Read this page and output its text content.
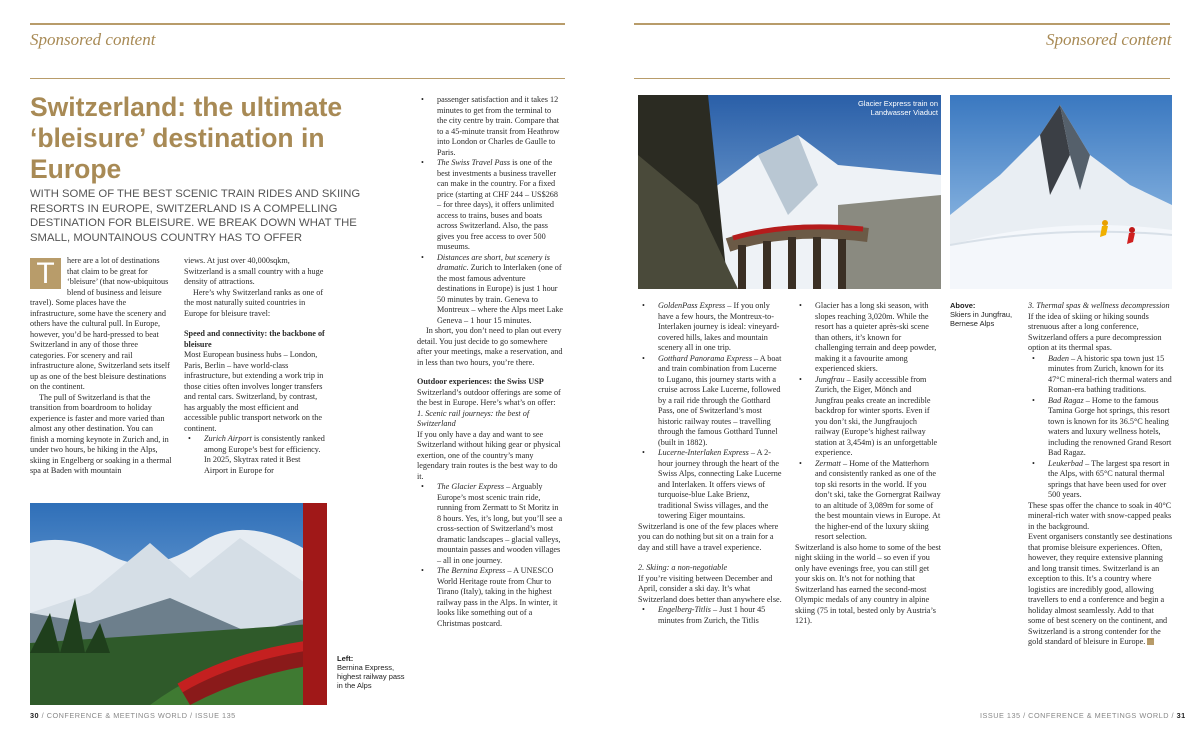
Sponsored content	Sponsored content
Switzerland: the ultimate ‘bleisure’ destination in Europe
WITH SOME OF THE BEST SCENIC TRAIN RIDES AND SKIING RESORTS IN EUROPE, SWITZERLAND IS A COMPELLING DESTINATION FOR BLEISURE. WE BREAK DOWN WHAT THE SMALL, MOUNTAINOUS COUNTRY HAS TO OFFER

T	here are a lot of destinations that claim to be great for ‘bleisure’ (that now-ubiquitous blend of business and leisure travel). Some places have the infrastructure, some have the scenery and others have the cultural pull. In Europe, however, you’d be hard-pressed to beat Switzerland in any of those three categories. For scenery and rail infrastructure alone, Switzerland sets itself up as one of the best bleisure destinations on the continent.

The pull of Switzerland is that the transition from boardroom to holiday experience is faster and more varied than almost any other destination. You can finish a morning keynote in Zurich and, in under two hours, be hiking in the Alps, skiing in Engelberg or soaking in a thermal spa at Baden with mountain

views. At just over 40,000sqkm, Switzerland is a small country with a huge density of attractions.

Here’s why Switzerland ranks as one of the most naturally suited countries in Europe for bleisure travel:

Speed and connectivity: the backbone of bleisure

Most European business hubs – London, Paris, Berlin – have world-class infrastructure, but extending a work trip in those cities often involves longer transfers and rental cars. Switzerland, by contrast, has arguably the most efficient and accessible public transport network on the continent.

• Zurich Airport is consistently ranked among Europe’s best for efficiency. In 2025, Skytrax rated it Best Airport in Europe for

• passenger satisfaction and it takes 12 minutes to get from the terminal to the city centre by train. Compare that to a 45-minute transit from Heathrow into London or Charles de Gaulle to Paris.

• The Swiss Travel Pass is one of the best investments a business traveller can make in the country. For a fixed price (starting at CHF 244 – US$268 – for three days), it offers unlimited access to trains, buses and boats across Switzerland. Also, the pass gives you free access to over 500 museums.

• Distances are short, but scenery is dramatic. Zurich to Interlaken (one of the most famous adventure destinations in Europe) is just 1 hour 50 minutes by train. Geneva to Montreux – where the Alps meet Lake Geneva – 1 hour 15 minutes.

In short, you don’t need to plan out every detail. You just decide to go somewhere after your meetings, make a reservation, and in less than two hours, you’re there.

Outdoor experiences: the Swiss USP

Switzerland’s outdoor offerings are some of the best in Europe. Here’s what’s on offer:

1. Scenic rail journeys: the best of Switzerland

If you only have a day and want to see Switzerland without hiking gear or physical exertion, one of the country’s many legendary train routes is the best way to do it.

• The Glacier Express – Arguably Europe’s most scenic train ride, running from Zermatt to St Moritz in 8 hours. Yes, it’s long, but you’ll see a cross-section of Switzerland’s most dramatic landscapes – glacial valleys, mountain passes and wooden villages – all in one journey.

• The Bernina Express – A UNESCO World Heritage route from Chur to Tirano (Italy), taking in the highest railway pass in the Alps. In winter, it looks like something out of a Christmas postcard.

Left:
Bernina Express, highest railway pass in the Alps
Glacier Express train on Landwasser Viaduct

• GoldenPass Express – If you only have a few hours, the Montreux-to-Interlaken journey is ideal: vineyard-covered hills, lakes and mountain scenery all in one trip.

• Gotthard Panorama Express – A boat and train combination from Lucerne to Lugano, this journey starts with a cruise across Lake Lucerne, followed by a rail ride through the Gotthard Pass, one of Switzerland’s most historic railway routes – travelling through the famous Gotthard Tunnel (built in 1882).

• Lucerne-Interlaken Express – A 2-hour journey through the heart of the Swiss Alps, connecting Lake Lucerne and Interlaken. It offers views of turquoise-blue Lake Brienz, traditional Swiss villages, and the towering Eiger mountains.

Switzerland is one of the few places where you can do nothing but sit on a train for a day and still have a travel experience.

2. Skiing: a non-negotiable

If you’re visiting between December and April, consider a ski day. It’s what Switzerland does better than anywhere else.

• Engelberg-Titlis – Just 1 hour 45 minutes from Zurich, the Titlis

• Glacier has a long ski season, with slopes reaching 3,020m. While the resort has a quieter après-ski scene than others, it’s known for challenging terrain and deep powder, making it a favourite among experienced skiers.

• Jungfrau – Easily accessible from Zurich, the Eiger, Mönch and Jungfrau peaks create an incredible backdrop for winter sports. Even if you don’t ski, the Jungfraujoch railway (Europe’s highest railway station at 3,454m) is an unforgettable experience.

• Zermatt – Home of the Matterhorn and consistently ranked as one of the top ski resorts in the world. If you don’t ski, take the Gornergrat Railway to an altitude of 3,089m for some of the best mountain views in Europe. At the higher-end of the luxury skiing resort selection.

Switzerland is also home to some of the best night skiing in the world – so even if you only have evenings free, you can still get your skis on. It’s not for nothing that Switzerland has earned the second-most Olympic medals of any country in alpine skiing (75 in total, bested only by Austria’s 121).

Above:
Skiers in Jungfrau, Bernese Alps

3. Thermal spas & wellness decompression

If the idea of skiing or hiking sounds strenuous after a long conference, Switzerland offers a pure decompression option at its thermal spas.

• Baden – A historic spa town just 15 minutes from Zurich, known for its 47°C mineral-rich thermal waters and Roman-era bathing traditions.

• Bad Ragaz – Home to the famous Tamina Gorge hot springs, this resort town is known for its 36.5°C healing waters and luxury wellness hotels, including the renowned Grand Resort Bad Ragaz.

• Leukerbad – The largest spa resort in the Alps, with 65°C natural thermal springs that have been used for over 500 years.

These spas offer the chance to soak in 40°C mineral-rich water with snow-capped peaks in the background.

Event organisers constantly see destinations that promise bleisure experiences. Often, however, they require extensive planning and long transit times. Switzerland is an exception to this. It’s a country where logistics are incredibly good, allowing travellers to end a conference and begin a holiday almost seamlessly. Add to that some of best scenery on the continent, and Switzerland is a strong contender for the gold standard of bleisure in Europe.

30 / CONFERENCE & MEETINGS WORLD / ISSUE 135	ISSUE 135 / CONFERENCE & MEETINGS WORLD / 31
